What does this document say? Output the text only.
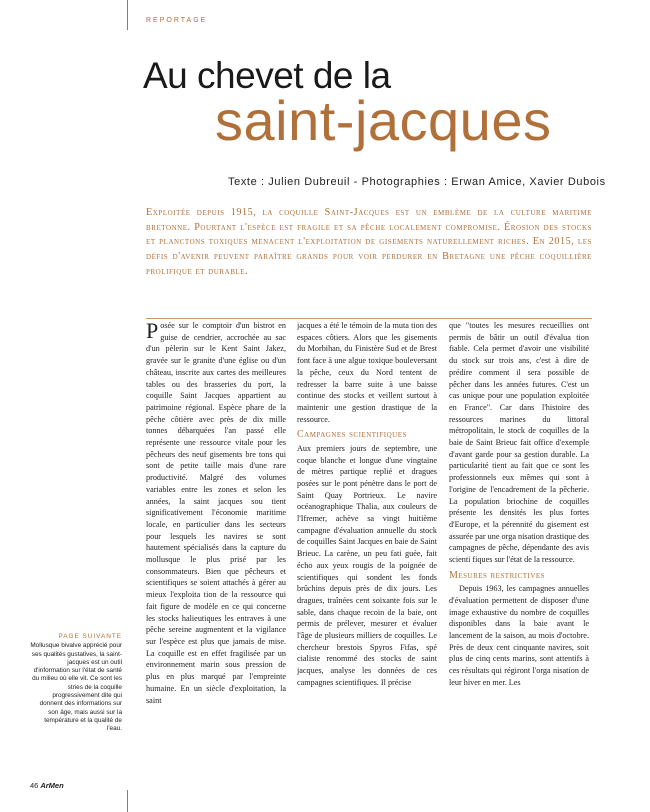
REPORTAGE
Au chevet de la
saint-jacques
Texte : Julien Dubreuil - Photographies : Erwan Amice, Xavier Dubois
Exploitée depuis 1915, la coquille Saint-Jacques est un emblème de la culture maritime bretonne. Pourtant l'espèce est fragile et sa pêche localement compromise. Érosion des stocks et planctons toxiques menacent l'exploitation de gisements naturellement riches. En 2015, les défis d'avenir peuvent paraître grands pour voir perdurer en Bretagne une pêche coquillière prolifique et durable.

Posée sur le comptoir d'un bistrot en guise de cendrier, accrochée au sac d'un pèlerin sur le Kent Saint Jakez, gravée sur le granite d'une église ou d'un château, inscrite aux cartes des meilleures tables ou des brasseries du port, la coquille Saint Jacques appartient au patrimoine régional. Espèce phare de la pêche côtière avec près de dix mille tonnes débarquées l'an passé elle représente une ressource vitale pour les pêcheurs des neuf gisements bre tons qui sont de petite taille mais d'une rare productivité. Malgré des volumes variables entre les zones et selon les années, la saint jacques sou tient significativement l'économie maritime locale, en particulier dans les secteurs pour lesquels les navires se sont hautement spécialisés dans la capture du mollusque le plus prisé par les consommateurs. Bien que pêcheurs et scientifiques se soient attachés à gérer au mieux l'exploita tion de la ressource qui fait figure de modèle en ce qui concerne les stocks halieutiques les entraves à une pêche sereine augmentent et la vigilance sur l'espèce est plus que jamais de mise. La coquille est en effet fragilisée par un environnement marin sous pression de plus en plus marqué par l'empreinte humaine. En un siècle d'exploitation, la saint

jacques a été le témoin de la muta tion des espaces côtiers. Alors que les gisements du Morbihan, du Finistère Sud et de Brest font face à une algue toxique bouleversant la pêche, ceux du Nord tentent de redresser la barre suite à une baisse continue des stocks et veillent surtout à maintenir une gestion drastique de la ressource.

Campagnes scientifiques

Aux premiers jours de septembre, une coque blanche et longue d'une vingtaine de mètres partique replié et dragues posées sur le pont pénètre dans le port de Saint Quay Portrieux. Le navire océanographique Thalia, aux couleurs de l'Ifremer, achève sa vingt huitième campagne d'évaluation annuelle du stock de coquilles Saint Jacques en baie de Saint Brieuc. La carène, un peu fati guée, fait écho aux yeux rougis de la poignée de scientifiques qui sondent les fonds brûchins depuis près de dix jours. Les dragues, traînées cent soixante fois sur le sable, dans chaque recoin de la baie, ont permis de prélever, mesurer et évaluer l'âge de plusieurs milliers de coquilles. Le chercheur brestois Spyros Fifas, spé cialiste renommé des stocks de saint jacques, analyse les données de ces campagnes scientifiques. Il précise

que "toutes les mesures recueillies ont permis de bâtir un outil d'évalua tion fiable. Cela permet d'avoir une visibilité du stock sur trois ans, c'est à dire de prédire comment il sera possible de pêcher dans les années futures. C'est un cas unique pour une population exploitée en France". Car dans l'histoire des ressources marines du littoral métropolitain, le stock de coquilles de la baie de Saint Brieuc fait office d'exemple d'avant garde pour sa gestion durable. La particularité tient au fait que ce sont les professionnels eux mêmes qui sont à l'origine de l'encadrement de la pêcherie. La population briochine de coquilles présente les densités les plus fortes d'Europe, et la pérennité du gisement est assurée par une orga nisation drastique des campagnes de pêche, dépendante des avis scienti fiques sur l'état de la ressource.

Mesures restrictives

Depuis 1963, les campagnes annuelles d'évaluation permettent de disposer d'une image exhaustive du nombre de coquilles disponibles dans la baie avant le lancement de la saison, au mois d'octobre. Près de deux cent cinquante navires, soit plus de cinq cents marins, sont attentifs à ces résultats qui régiront l'orga nisation de leur hiver en mer. Les

PAGE SUIVANTE
Mollusque bivalve apprécié pour ses qualités gustatives, la saint-jacques est un outil d'information sur l'état de santé du milieu où elle vit. Ce sont les stries de la coquille progressivement dite qui donnent des informations sur son âge, mais aussi sur la température et la qualité de l'eau.
46 ArMen
